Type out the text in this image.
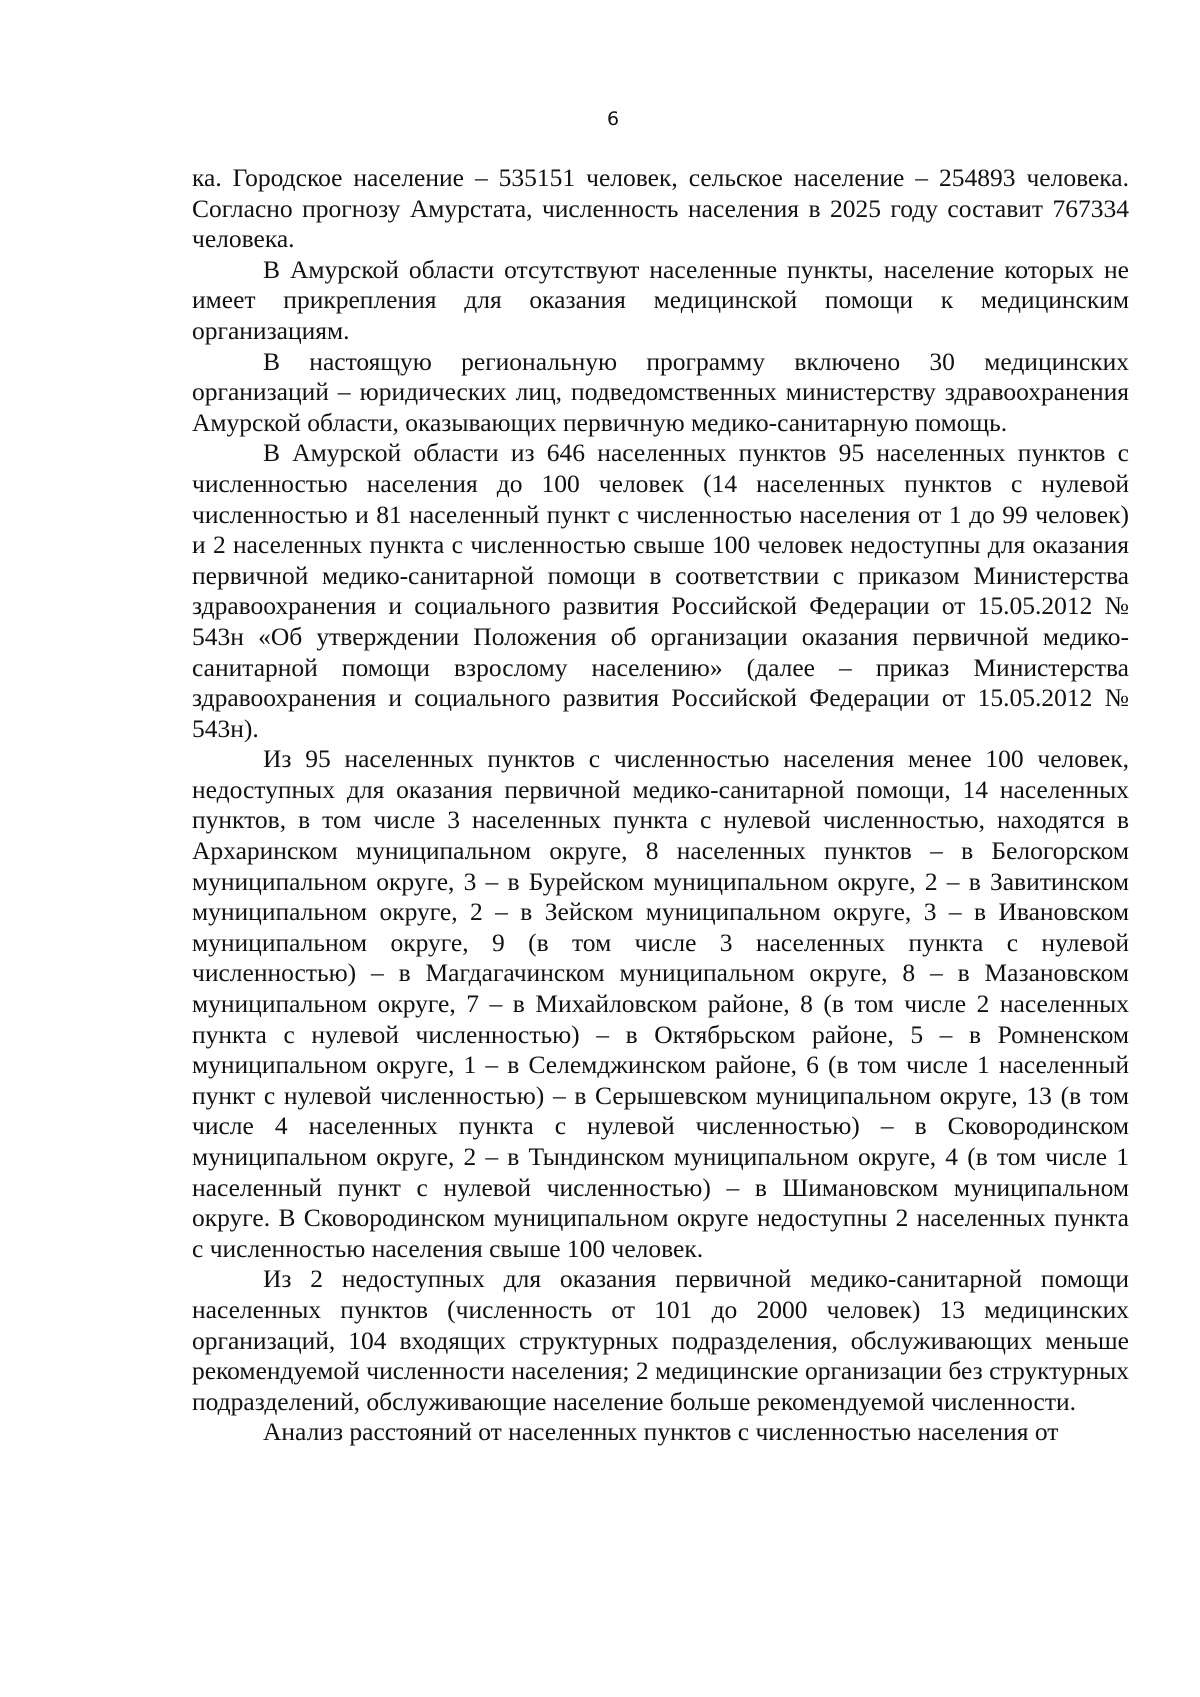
6

ка. Городское население – 535151 человек, сельское население – 254893 человека. Согласно прогнозу Амурстата, численность населения в 2025 году составит 767334 человека.

В Амурской области отсутствуют населенные пункты, население которых не имеет прикрепления для оказания медицинской помощи к медицинским организациям.

В настоящую региональную программу включено 30 медицинских организаций – юридических лиц, подведомственных министерству здравоохранения Амурской области, оказывающих первичную медико-санитарную помощь.

В Амурской области из 646 населенных пунктов 95 населенных пунктов с численностью населения до 100 человек (14 населенных пунктов с нулевой численностью и 81 населенный пункт с численностью населения от 1 до 99 человек) и 2 населенных пункта с численностью свыше 100 человек недоступны для оказания первичной медико-санитарной помощи в соответствии с приказом Министерства здравоохранения и социального развития Российской Федерации от 15.05.2012 № 543н «Об утверждении Положения об организации оказания первичной медико-санитарной помощи взрослому населению» (далее – приказ Министерства здравоохранения и социального развития Российской Федерации от 15.05.2012 № 543н).

Из 95 населенных пунктов с численностью населения менее 100 человек, недоступных для оказания первичной медико-санитарной помощи, 14 населенных пунктов, в том числе 3 населенных пункта с нулевой численностью, находятся в Архаринском муниципальном округе, 8 населенных пунктов – в Белогорском муниципальном округе, 3 – в Бурейском муниципальном округе, 2 – в Завитинском муниципальном округе, 2 – в Зейском муниципальном округе, 3 – в Ивановском муниципальном округе, 9 (в том числе 3 населенных пункта с нулевой численностью) – в Магдагачинском муниципальном округе, 8 – в Мазановском муниципальном округе, 7 – в Михайловском районе, 8 (в том числе 2 населенных пункта с нулевой численностью) – в Октябрьском районе, 5 – в Ромненском муниципальном округе, 1 – в Селемджинском районе, 6 (в том числе 1 населенный пункт с нулевой численностью) – в Серышевском муниципальном округе, 13 (в том числе 4 населенных пункта с нулевой численностью) – в Сковородинском муниципальном округе, 2 – в Тындинском муниципальном округе, 4 (в том числе 1 населенный пункт с нулевой численностью) – в Шимановском муниципальном округе. В Сковородинском муниципальном округе недоступны 2 населенных пункта с численностью населения свыше 100 человек.

Из 2 недоступных для оказания первичной медико-санитарной помощи населенных пунктов (численность от 101 до 2000 человек) 13 медицинских организаций, 104 входящих структурных подразделения, обслуживающих меньше рекомендуемой численности населения; 2 медицинские организации без структурных подразделений, обслуживающие население больше рекомендуемой численности.

Анализ расстояний от населенных пунктов с численностью населения от
